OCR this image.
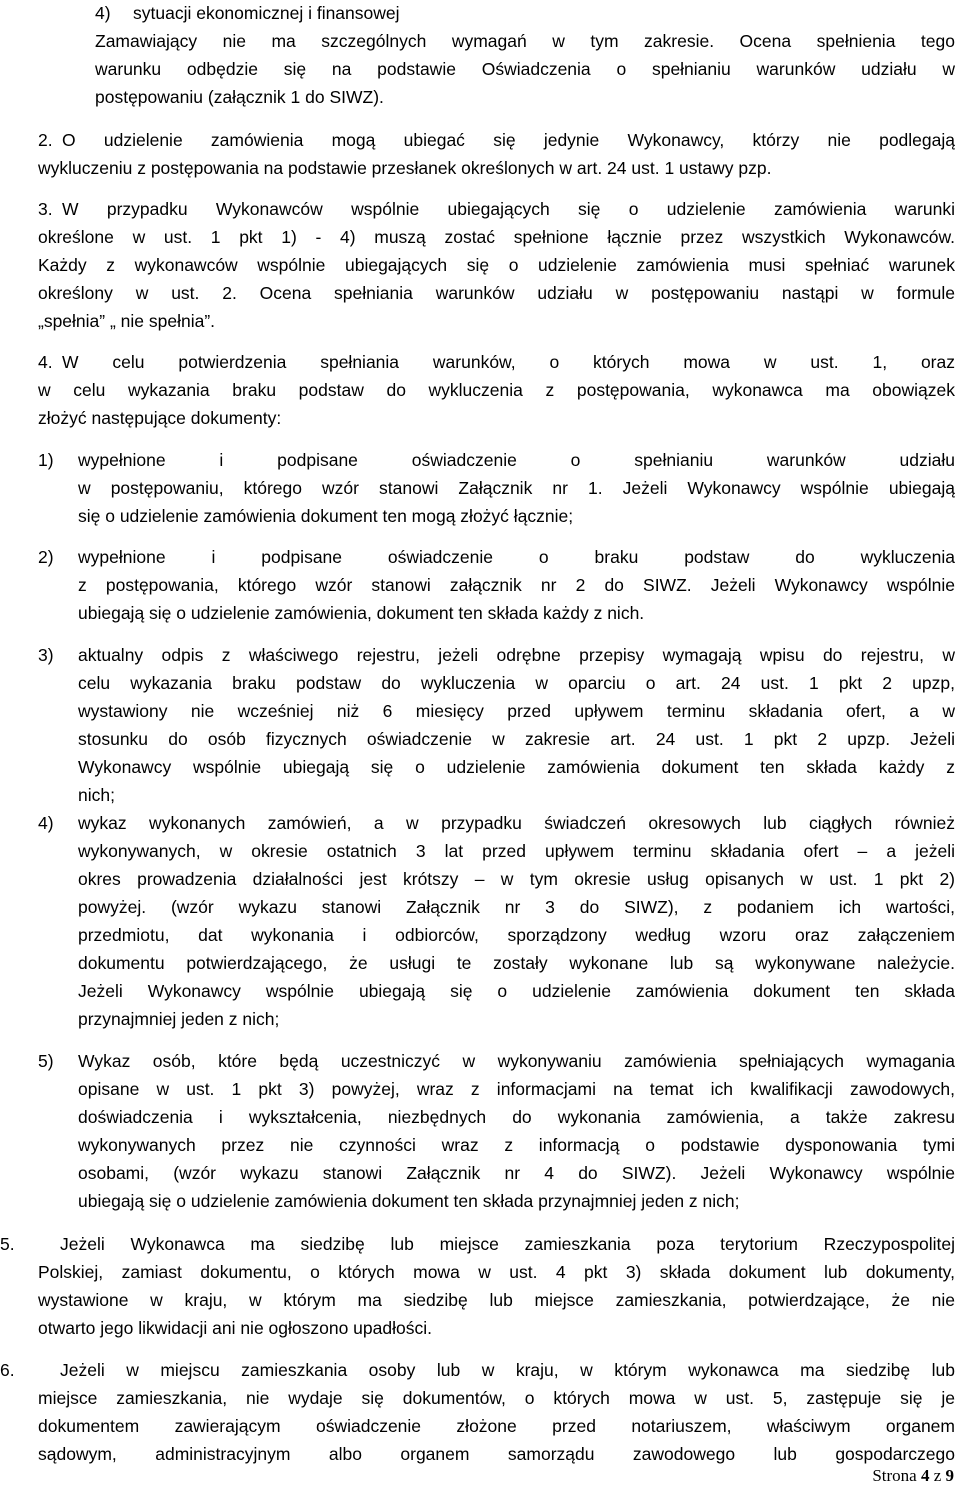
4) sytuacji ekonomicznej i finansowej
Zamawiający nie ma szczególnych wymagań w tym zakresie. Ocena spełnienia tego
warunku odbędzie się na podstawie Oświadczenia o spełnianiu warunków udziału w
postępowaniu (załącznik 1 do SIWZ).
2. O udzielenie zamówienia mogą ubiegać się jedynie Wykonawcy, którzy nie podlegają
wykluczeniu z postępowania na podstawie przesłanek określonych w art. 24 ust. 1 ustawy pzp.
3. W przypadku Wykonawców wspólnie ubiegających się o udzielenie zamówienia warunki
określone w ust. 1 pkt 1) - 4) muszą zostać spełnione łącznie przez wszystkich Wykonawców.
Każdy z wykonawców wspólnie ubiegających się o udzielenie zamówienia musi spełniać warunek
określony w ust. 2. Ocena spełniania warunków udziału w postępowaniu nastąpi w formule
„spełnia” „ nie spełnia”.
4. W celu potwierdzenia spełniania warunków, o których mowa w ust. 1, oraz
w celu wykazania braku podstaw do wykluczenia z postępowania, wykonawca ma obowiązek
złożyć następujące dokumenty:
1) wypełnione i podpisane oświadczenie o spełnianiu warunków udziału
w postępowaniu, którego wzór stanowi Załącznik nr 1. Jeżeli Wykonawcy wspólnie ubiegają
się o udzielenie zamówienia dokument ten mogą złożyć łącznie;
2) wypełnione i podpisane oświadczenie o braku podstaw do wykluczenia
z postępowania, którego wzór stanowi załącznik nr 2 do SIWZ. Jeżeli Wykonawcy wspólnie
ubiegają się o udzielenie zamówienia, dokument ten składa każdy z nich.
3) aktualny odpis z właściwego rejestru, jeżeli odrębne przepisy wymagają wpisu do rejestru, w
celu wykazania braku podstaw do wykluczenia w oparciu o art. 24 ust. 1 pkt 2 upzp,
wystawiony nie wcześniej niż 6 miesięcy przed upływem terminu składania ofert, a w
stosunku do osób fizycznych oświadczenie w zakresie art. 24 ust. 1 pkt 2 upzp. Jeżeli
Wykonawcy wspólnie ubiegają się o udzielenie zamówienia dokument ten składa każdy z
nich;
4) wykaz wykonanych zamówień, a w przypadku świadczeń okresowych lub ciągłych również
wykonywanych, w okresie ostatnich 3 lat przed upływem terminu składania ofert – a jeżeli
okres prowadzenia działalności jest krótszy – w tym okresie usług opisanych w ust. 1 pkt 2)
powyżej. (wzór wykazu stanowi Załącznik nr 3 do SIWZ), z podaniem ich wartości,
przedmiotu, dat wykonania i odbiorców, sporządzony według wzoru oraz załączeniem
dokumentu potwierdzającego, że usługi te zostały wykonane lub są wykonywane należycie.
Jeżeli Wykonawcy wspólnie ubiegają się o udzielenie zamówienia dokument ten składa
przynajmniej jeden z nich;
5) Wykaz osób, które będą uczestniczyć w wykonywaniu zamówienia spełniających wymagania
opisane w ust. 1 pkt 3) powyżej, wraz z informacjami na temat ich kwalifikacji zawodowych,
doświadczenia i wykształcenia, niezbędnych do wykonania zamówienia, a także zakresu
wykonywanych przez nie czynności wraz z informacją o podstawie dysponowania tymi
osobami, (wzór wykazu stanowi Załącznik nr 4 do SIWZ). Jeżeli Wykonawcy wspólnie
ubiegają się o udzielenie zamówienia dokument ten składa przynajmniej jeden z nich;
5.	Jeżeli Wykonawca ma siedzibę lub miejsce zamieszkania poza terytorium Rzeczypospolitej
Polskiej, zamiast dokumentu, o których mowa w ust. 4 pkt 3) składa dokument lub dokumenty,
wystawione w kraju, w którym ma siedzibę lub miejsce zamieszkania, potwierdzające, że nie
otwarto jego likwidacji ani nie ogłoszono upadłości.
6.	Jeżeli w miejscu zamieszkania osoby lub w kraju, w którym wykonawca ma siedzibę lub
miejsce zamieszkania, nie wydaje się dokumentów, o których mowa w ust. 5, zastępuje się je
dokumentem zawierającym oświadczenie złożone przed notariuszem, właściwym organem
sądowym, administracyjnym albo organem samorządu zawodowego lub gospodarczego
Strona 4 z 9
